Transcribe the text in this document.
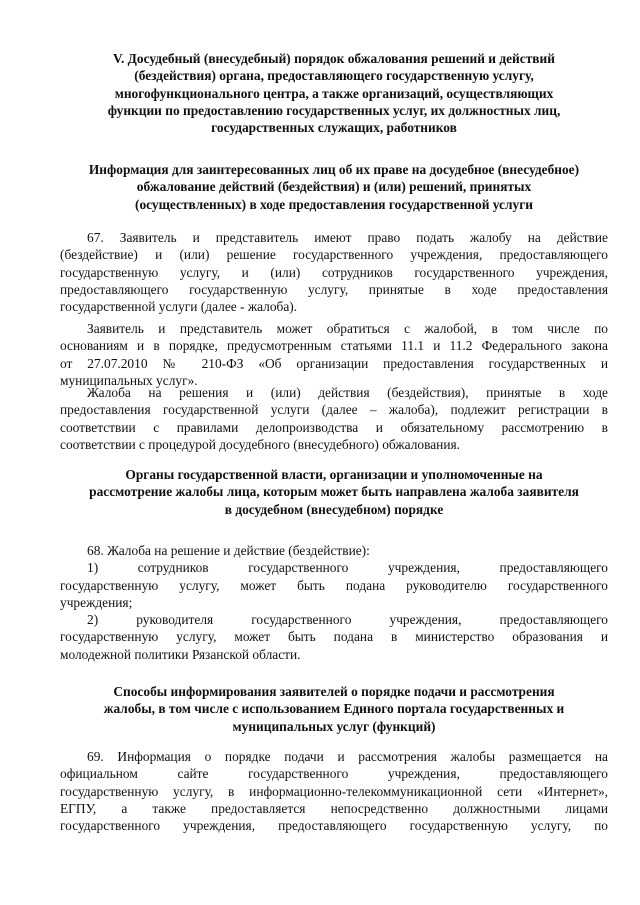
V. Досудебный (внесудебный) порядок обжалования решений и действий
(бездействия) органа, предоставляющего государственную услугу,
многофункционального центра, а также организаций, осуществляющих
функции по предоставлению государственных услуг, их должностных лиц,
государственных служащих, работников
Информация для заинтересованных лиц об их праве на досудебное (внесудебное)
обжалование действий (бездействия) и (или) решений, принятых
(осуществленных) в ходе предоставления государственной услуги
67. Заявитель и представитель имеют право подать жалобу на действие
(бездействие) и (или) решение государственного учреждения, предоставляющего
государственную услугу, и (или) сотрудников государственного учреждения,
предоставляющего государственную услугу, принятые в ходе предоставления
государственной услуги (далее - жалоба).
Заявитель и представитель может обратиться с жалобой, в том числе по
основаниям и в порядке, предусмотренным статьями 11.1 и 11.2 Федерального закона
от 27.07.2010 № 210-ФЗ «Об организации предоставления государственных и
муниципальных услуг».
Жалоба на решения и (или) действия (бездействия), принятые в ходе
предоставления государственной услуги (далее – жалоба), подлежит регистрации в
соответствии с правилами делопроизводства и обязательному рассмотрению в
соответствии с процедурой досудебного (внесудебного) обжалования.
Органы государственной власти, организации и уполномоченные на
рассмотрение жалобы лица, которым может быть направлена жалоба заявителя
в досудебном (внесудебном) порядке
68. Жалоба на решение и действие (бездействие):
1) сотрудников государственного учреждения, предоставляющего
государственную услугу, может быть подана руководителю государственного
учреждения;
2) руководителя государственного учреждения, предоставляющего
государственную услугу, может быть подана в министерство образования и
молодежной политики Рязанской области.
Способы информирования заявителей о порядке подачи и рассмотрения
жалобы, в том числе с использованием Единого портала государственных и
муниципальных услуг (функций)
69. Информация о порядке подачи и рассмотрения жалобы размещается на
официальном сайте государственного учреждения, предоставляющего
государственную услугу, в информационно-телекоммуникационной сети «Интернет»,
ЕГПУ, а также предоставляется непосредственно должностными лицами
государственного учреждения, предоставляющего государственную услугу, по
